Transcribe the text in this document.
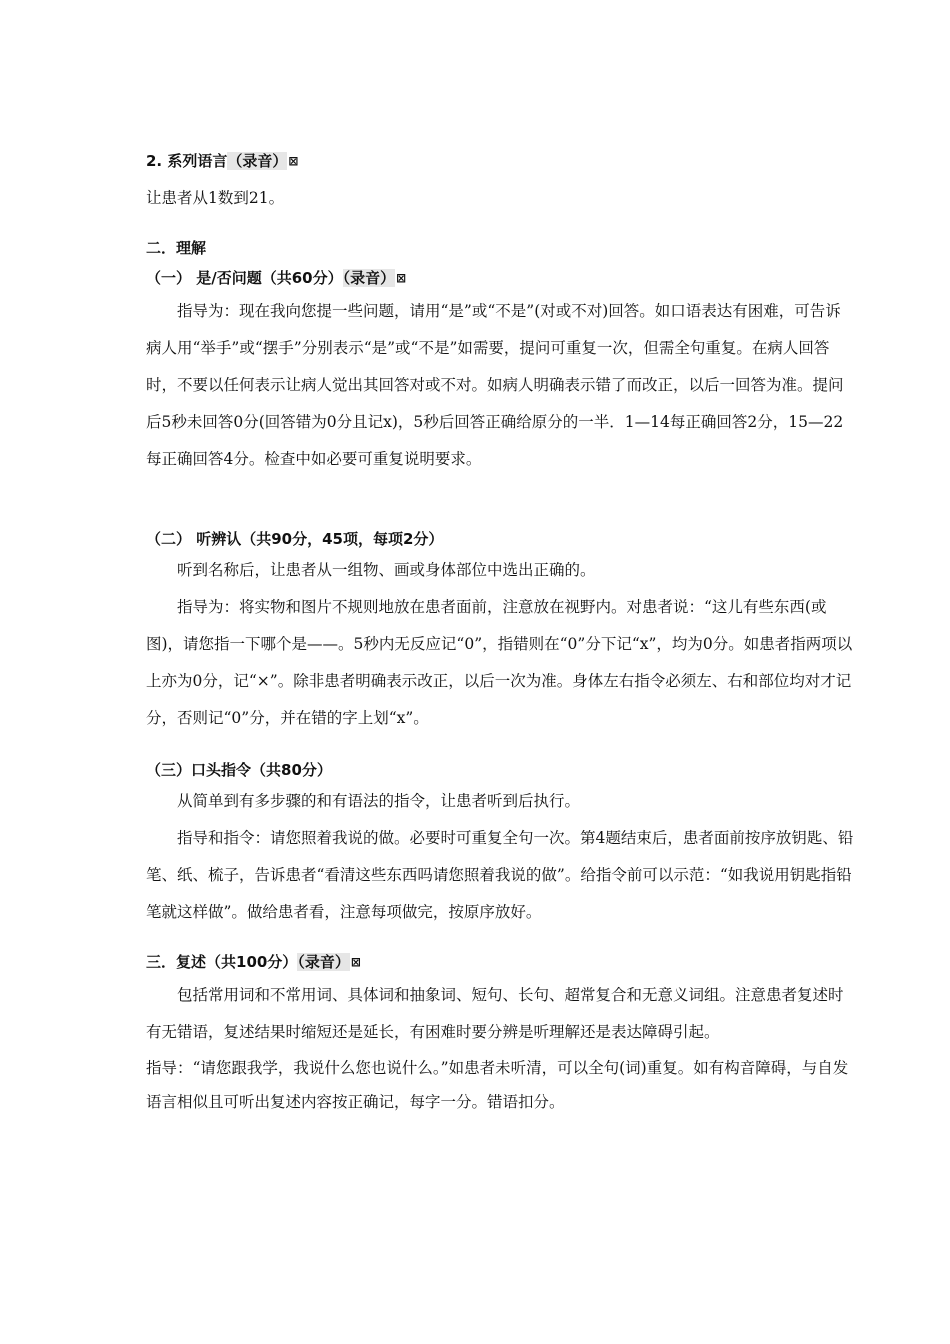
2. 系列语言（录音）⊠

让患者从1数到21。

二．理解

（一） 是/否问题（共60分）（录音）⊠

指导为：现在我向您提一些问题，请用“是”或“不是”(对或不对)回答。如口语表达有困难，可告诉病人用“举手”或“摆手”分别表示“是”或“不是”如需要，提问可重复一次，但需全句重复。在病人回答时，不要以任何表示让病人觉出其回答对或不对。如病人明确表示错了而改正，以后一回答为准。提问后5秒未回答0分(回答错为0分且记x)，5秒后回答正确给原分的一半．1—14每正确回答2分，15—22每正确回答4分。检查中如必要可重复说明要求。

（二） 听辨认（共90分，45项，每项2分）

听到名称后，让患者从一组物、画或身体部位中选出正确的。

指导为：将实物和图片不规则地放在患者面前，注意放在视野内。对患者说：“这儿有些东西(或图)，请您指一下哪个是——。5秒内无反应记“0”，指错则在“0”分下记“x”，均为0分。如患者指两项以上亦为0分，记“×”。除非患者明确表示改正，以后一次为准。身体左右指令必须左、右和部位均对才记分，否则记“0”分，并在错的字上划“x”。

（三）口头指令（共80分）

从简单到有多步骤的和有语法的指令，让患者听到后执行。

指导和指令：请您照着我说的做。必要时可重复全句一次。第4题结束后，患者面前按序放钥匙、铅笔、纸、梳子，告诉患者“看清这些东西吗请您照着我说的做”。给指令前可以示范：“如我说用钥匙指铅笔就这样做”。做给患者看，注意每项做完，按原序放好。

三．复述（共100分）（录音）⊠

包括常用词和不常用词、具体词和抽象词、短句、长句、超常复合和无意义词组。注意患者复述时有无错语，复述结果时缩短还是延长，有困难时要分辨是听理解还是表达障碍引起。

指导：“请您跟我学，我说什么您也说什么。”如患者未听清，可以全句(词)重复。如有构音障碍，与自发语言相似且可听出复述内容按正确记，每字一分。错语扣分。
